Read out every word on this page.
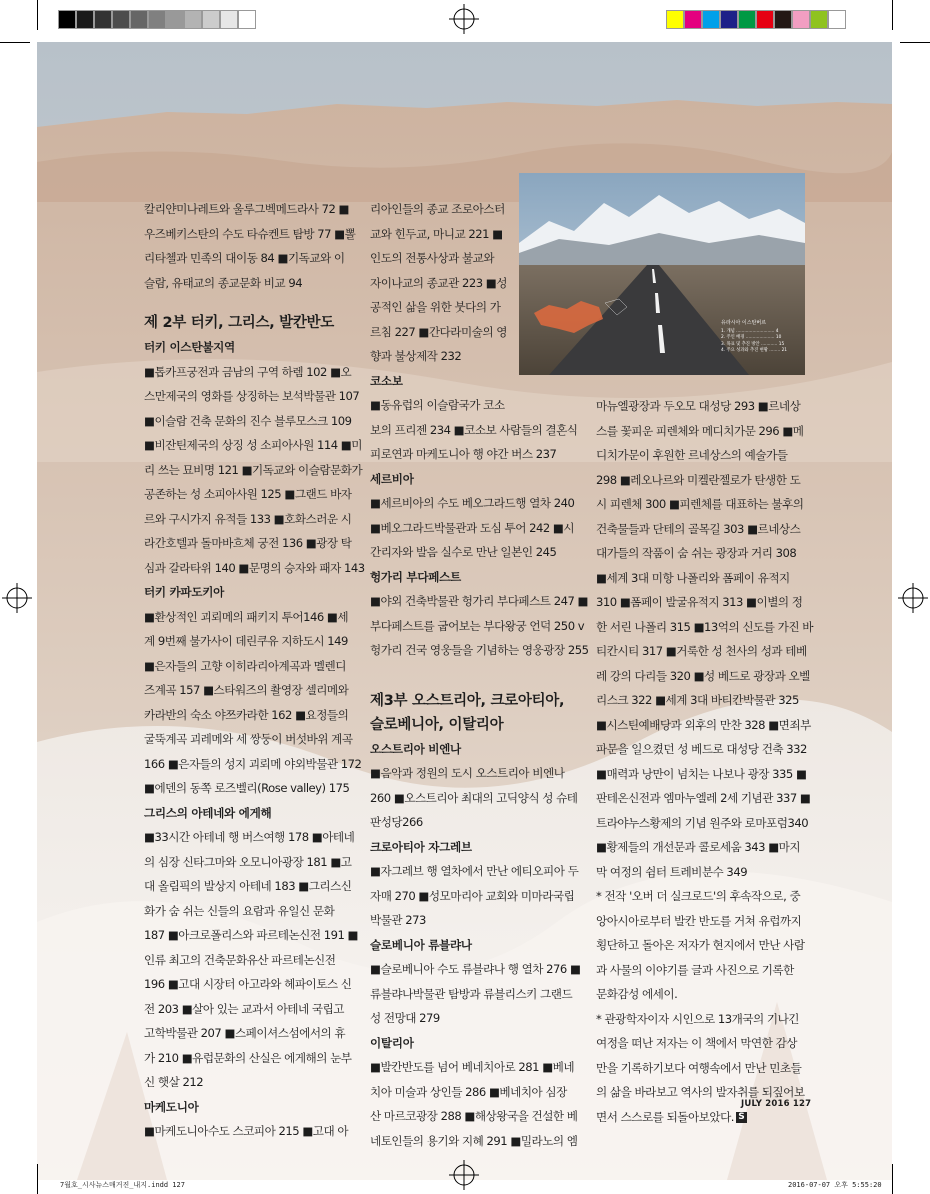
유라시아 이스탄버르
1. 개념 ............................ 4
2. 주인 배경 ..................... 10
3. 목표 및 추진 방안 ............ 15
4. 주요 성과와 추진 현황 ........ 21
칼리얀미나레트와 울루그벡메드라사 72 ■
우즈베키스탄의 수도 타슈켄트 탐방 77 ■뽈
리타첼과 민족의 대이동 84 ■기독교와 이
슬람, 유태교의 종교문화 비교 94
제 2부 터키, 그리스, 발칸반도
터키 이스탄불지역
■톱카프궁전과 금남의 구역 하렘 102 ■오
스만제국의 영화를 상징하는 보석박물관 107
■이슬람 건축 문화의 진수 블루모스크 109
■비잔틴제국의 상징 성 소피아사원 114 ■미
리 쓰는 묘비명 121 ■기독교와 이슬람문화가
공존하는 성 소피아사원 125 ■그랜드 바자
르와 구시가지 유적들 133 ■호화스러운 시
라간호텔과 돌마바흐체 궁전 136 ■광장 탁
심과 갈라타위 140 ■문명의 승자와 패자 143
터키 카파도키아
■환상적인 괴뢰메의 패키지 투어146 ■세
계 9번째 불가사이 데린쿠유 지하도시 149
■은자들의 고향 이히라리아계곡과 멜렌디
즈계곡 157 ■스타워즈의 촬영장 셀리메와
카라반의 숙소 야쯔카라한 162 ■요정들의
굴뚝계곡 괴레메와 세 쌍둥이 버섯바위 계곡
166 ■은자들의 성지 괴뢰메 야외박물관 172
■에덴의 동쪽 로즈벨리(Rose valley) 175
그리스의 아테네와 에게해
■33시간 아테네 행 버스여행 178 ■아테네
의 심장 신타그마와 오모니아광장 181 ■고
대 올림픽의 발상지 아테네 183 ■그리스신
화가 숨 쉬는 신들의 요람과 유일신 문화
187 ■아크로폴리스와 파르테논신전 191 ■
인류 최고의 건축문화유산 파르테논신전
196 ■고대 시장터 아고라와 헤파이토스 신
전 203 ■살아 있는 교과서 아테네 국립고
고학박물관 207 ■스페이셔스섬에서의 휴
가 210 ■유럽문화의 산실은 에게해의 눈부
신 햇살 212
마케도니아
■마케도니아수도 스코피아 215 ■고대 아
리아인들의 종교 조로아스터
교와 힌두교, 마니교 221 ■
인도의 전통사상과 불교와
자이나교의 종교관 223 ■성
공적인 삶을 위한 붓다의 가
르침 227 ■간다라미술의 영
향과 불상제작 232
코소보
■동유럽의 이슬람국가 코소
보의 프리젠 234 ■코소보 사람들의 결혼식
피로연과 마케도니아 행 야간 버스 237
세르비아
■세르비아의 수도 베오그라드행 열차 240
■베오그라드박물관과 도심 투어 242 ■시
간리자와 발음 실수로 만난 일본인 245
헝가리 부다페스트
■야외 건축박물관 헝가리 부다페스트 247 ■
부다페스트를 굽어보는 부다왕궁 언덕 250 v
헝가리 건국 영웅들을 기념하는 영웅광장 255
제3부 오스트리아, 크로아티아,
슬로베니아, 이탈리아
오스트리아 비엔나
■음악과 정원의 도시 오스트리아 비엔나
260 ■오스트리아 최대의 고딕양식 성 슈테
판성당266
크로아티아 자그레브
■자그레브 행 열차에서 만난 에티오피아 두
자매 270 ■성모마리아 교회와 미마라국립
박물관 273
슬로베니아 류블랴나
■슬로베니아 수도 류블랴나 행 열차 276 ■
류블랴나박물관 탐방과 류블리스키 그랜드
성 전망대 279
이탈리아
■발칸반도를 넘어 베네치아로 281 ■베네
치아 미술과 상인들 286 ■베네치아 심장
산 마르코광장 288 ■해상왕국을 건설한 베
네토인들의 용기와 지혜 291 ■밀라노의 엠
마뉴엘광장과 두오모 대성당 293 ■르네상
스를 꽃피운 피렌체와 메디치가문 296 ■메
디치가문이 후원한 르네상스의 예술가들
298 ■레오나르와 미켈란젤로가 탄생한 도
시 피렌체 300 ■피렌체를 대표하는 불후의
건축물들과 단테의 골목길 303 ■르네상스
대가들의 작품이 숨 쉬는 광장과 거리 308
■세계 3대 미항 나폴리와 폼페이 유적지
310 ■폼페이 발굴유적지 313 ■이별의 정
한 서린 나폴리 315 ■13억의 신도를 가진 바
티칸시티 317 ■거룩한 성 천사의 성과 테베
레 강의 다리들 320 ■성 베드로 광장과 오벨
리스크 322 ■세계 3대 바티칸박물관 325
■시스틴예배당과 외후의 만찬 328 ■면죄부
파문을 일으켰던 성 베드로 대성당 건축 332
■매력과 낭만이 넘치는 나보나 광장 335 ■
판테온신전과 엠마누엘레 2세 기념관 337 ■
트라야누스황제의 기념 원주와 로마포럼340
■황제들의 개선문과 콜로세움 343 ■마지
막 여정의 쉼터 트레비분수 349
* 전작 '오버 더 실크로드'의 후속작으로, 중
앙아시아로부터 발칸 반도를 거쳐 유럽까지
횡단하고 돌아온 저자가 현지에서 만난 사람
과 사물의 이야기를 글과 사진으로 기록한
문화감성 에세이.
* 관광학자이자 시인으로 13개국의 기나긴
여정을 떠난 저자는 이 책에서 막연한 감상
만을 기록하기보다 여행속에서 만난 민초들
의 삶을 바라보고 역사의 발자취를 되짚어보
면서 스스로를 되돌아보았다. S
JULY 2016 127
7월호_시사뉴스매거진_내지.indd 127	2016-07-07 오후 5:55:20
